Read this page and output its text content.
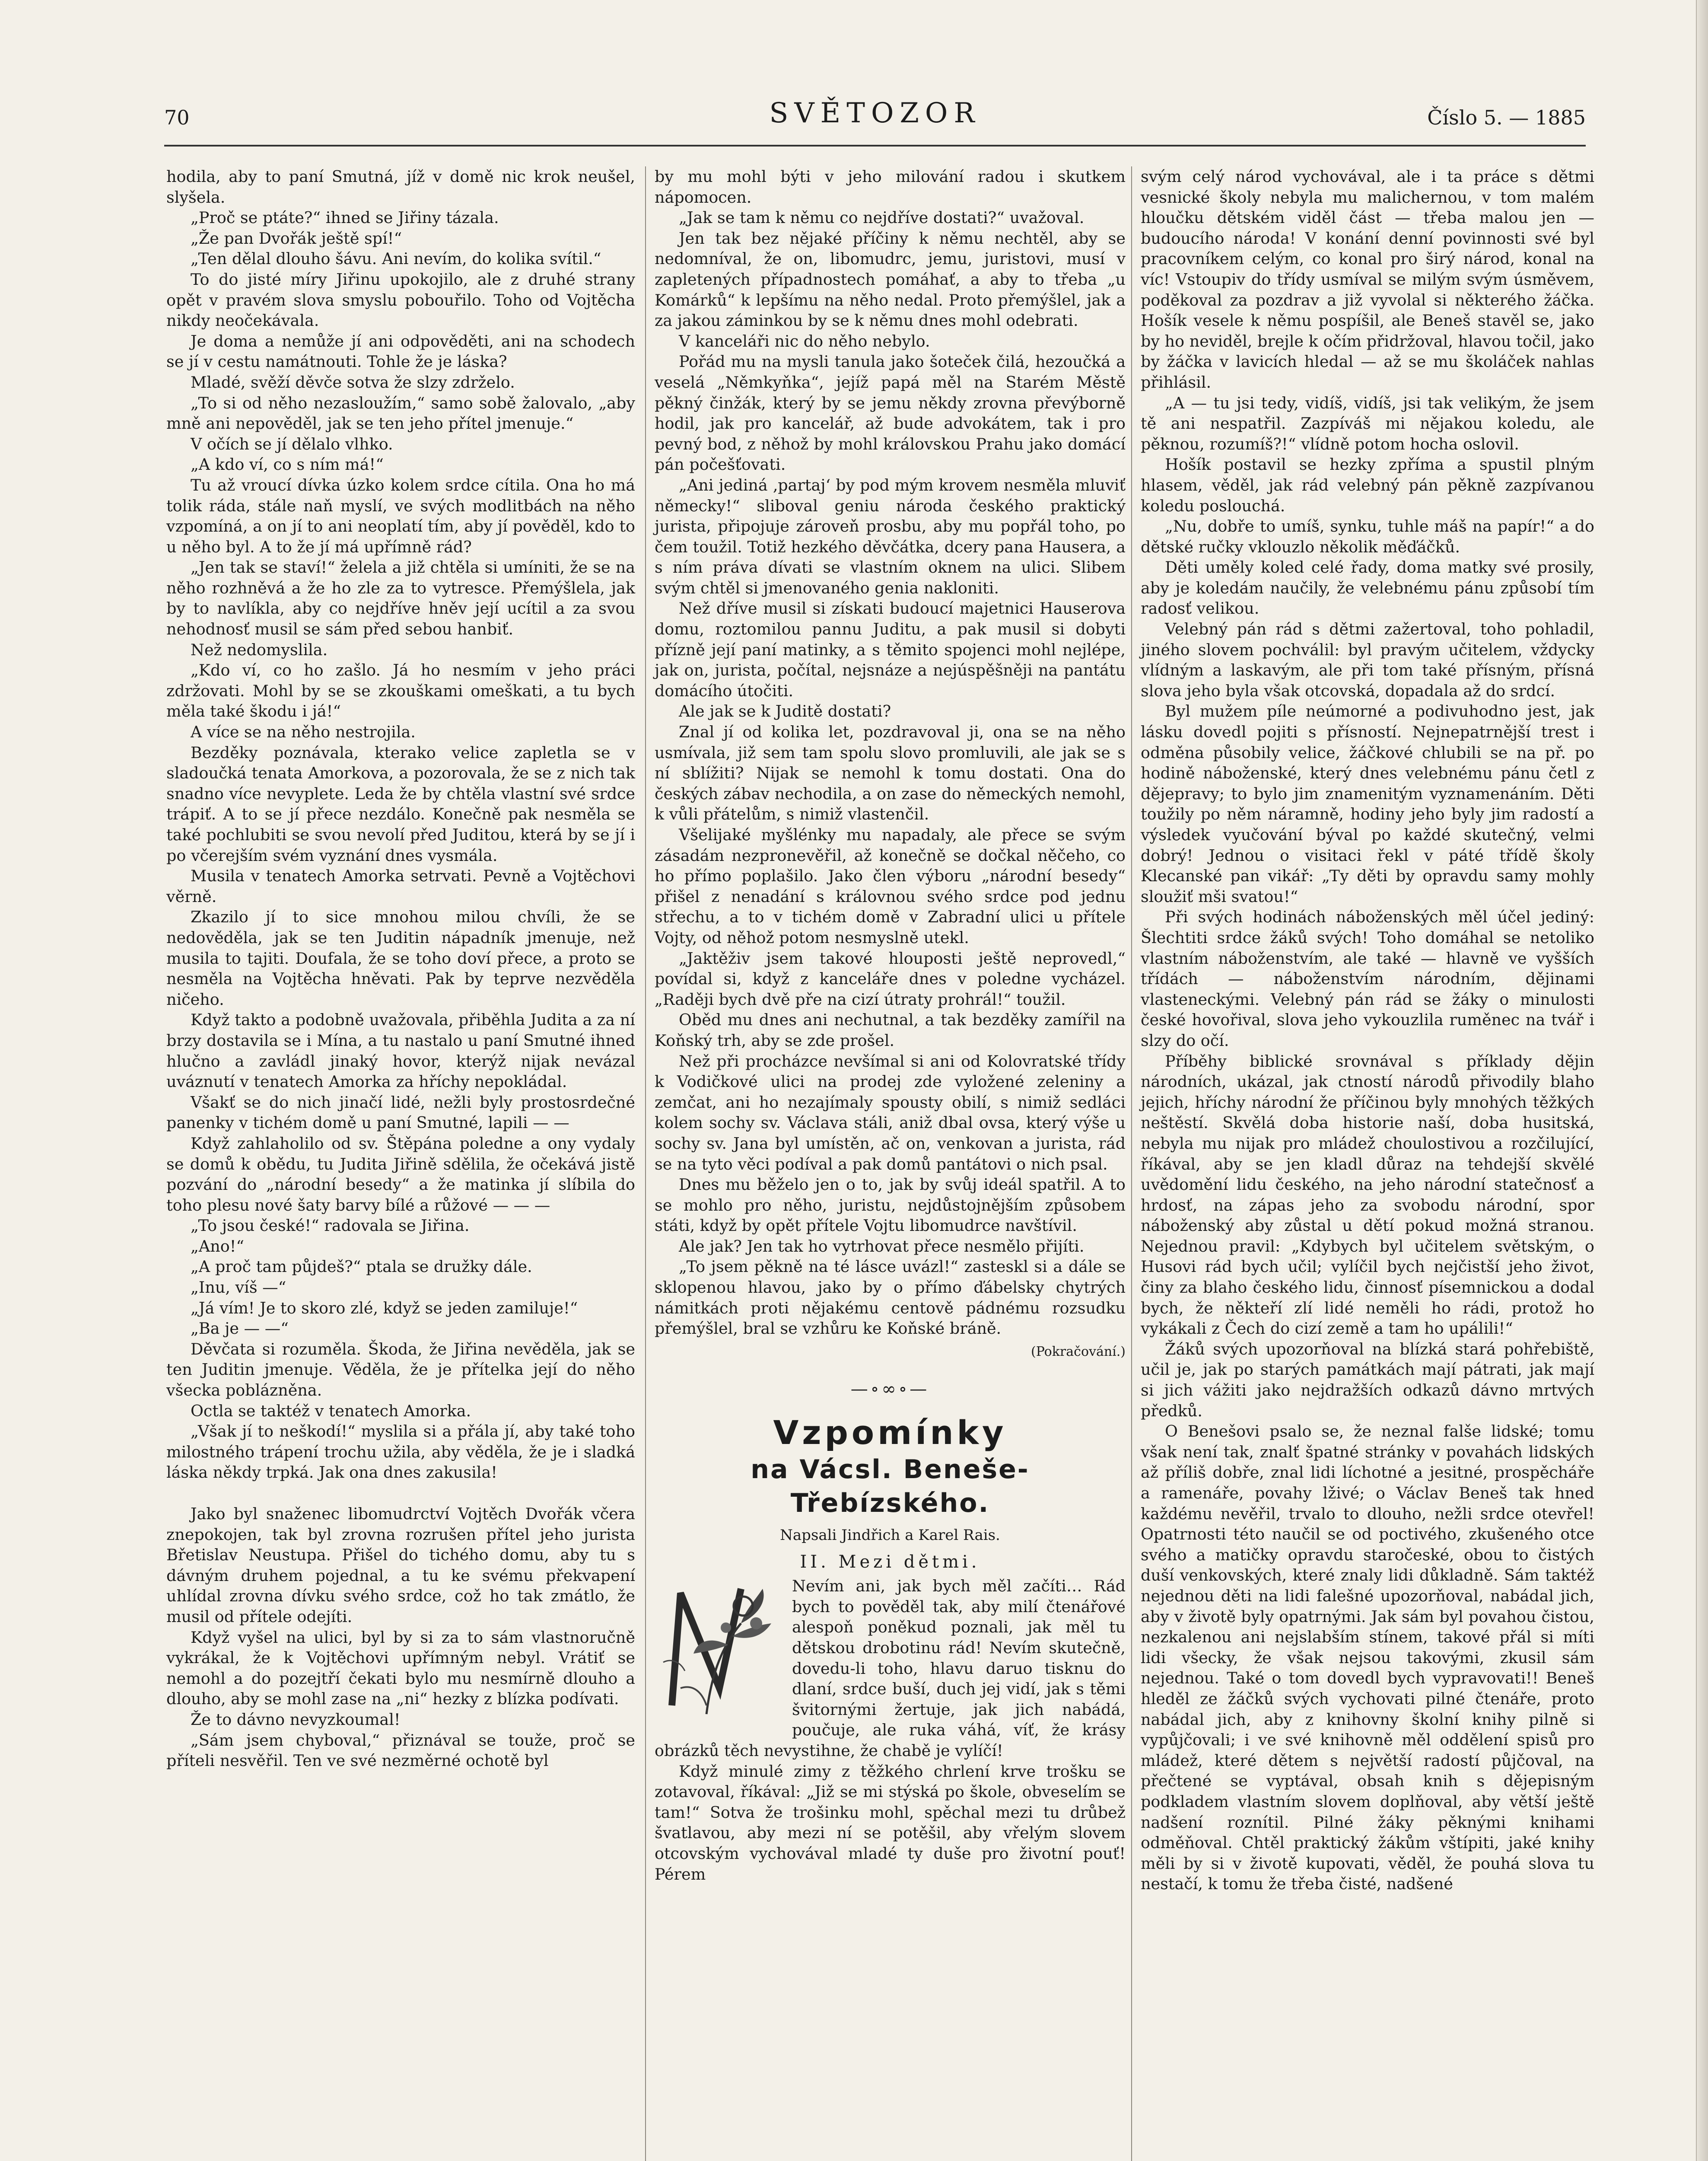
70	SVĚTOZOR	Číslo 5. — 1885

hodila, aby to paní Smutná, jíž v domě nic krok neušel, slyšela.

„Proč se ptáte?“ ihned se Jiřiny tázala.

„Že pan Dvořák ještě spí!“

„Ten dělal dlouho šávu. Ani nevím, do kolika svítil.“

To do jisté míry Jiřinu upokojilo, ale z druhé strany opět v pravém slova smyslu pobouřilo. Toho od Vojtěcha nikdy neočekávala.

Je doma a nemůže jí ani odpověděti, ani na schodech se jí v cestu namátnouti. Tohle že je láska?

Mladé, svěží děvče sotva že slzy zdrželo.

„To si od něho nezasloužím,“ samo sobě žalovalo, „aby mně ani nepověděl, jak se ten jeho přítel jmenuje.“

V očích se jí dělalo vlhko.

„A kdo ví, co s ním má!“

Tu až vroucí dívka úzko kolem srdce cítila. Ona ho má tolik ráda, stále naň myslí, ve svých modlitbách na něho vzpomíná, a on jí to ani neoplatí tím, aby jí pověděl, kdo to u něho byl. A to že jí má upřímně rád?

„Jen tak se staví!“ želela a již chtěla si umíniti, že se na něho rozhněvá a že ho zle za to vytresce. Přemýšlela, jak by to navlíkla, aby co nejdříve hněv její ucítil a za svou nehodnosť musil se sám před sebou hanbiť.

Než nedomyslila.

„Kdo ví, co ho zašlo. Já ho nesmím v jeho práci zdržovati. Mohl by se se zkouškami omeškati, a tu bych měla také škodu i já!“

A více se na něho nestrojila.

Bezděky poznávala, kterako velice zapletla se v sladoučká tenata Amorkova, a pozorovala, že se z nich tak snadno více nevyplete. Leda že by chtěla vlastní své srdce trápiť. A to se jí přece nezdálo. Konečně pak nesměla se také pochlubiti se svou nevolí před Juditou, která by se jí i po včerejším svém vyznání dnes vysmála.

Musila v tenatech Amorka setrvati. Pevně a Vojtěchovi věrně.

Zkazilo jí to sice mnohou milou chvíli, že se nedověděla, jak se ten Juditin nápadník jmenuje, než musila to tajiti. Doufala, že se toho doví přece, a proto se nesměla na Vojtěcha hněvati. Pak by teprve nezvěděla ničeho.

Když takto a podobně uvažovala, přiběhla Judita a za ní brzy dostavila se i Mína, a tu nastalo u paní Smutné ihned hlučno a zavládl jinaký hovor, kterýž nijak nevázal uváznutí v tenatech Amorka za hříchy nepokládal.

Všakť se do nich jinačí lidé, nežli byly prostosrdečné panenky v tichém domě u paní Smutné, lapili — —

Když zahlaholilo od sv. Štěpána poledne a ony vydaly se domů k obědu, tu Judita Jiřině sdělila, že očekává jistě pozvání do „národní besedy“ a že matinka jí slíbila do toho plesu nové šaty barvy bílé a růžové — — —

„To jsou české!“ radovala se Jiřina.

„Ano!“

„A proč tam půjdeš?“ ptala se družky dále.

„Inu, víš —“

„Já vím! Je to skoro zlé, když se jeden zamiluje!“

„Ba je — —“

Děvčata si rozuměla. Škoda, že Jiřina nevěděla, jak se ten Juditin jmenuje. Věděla, že je přítelka její do něho všecka poblázněna.

Octla se taktéž v tenatech Amorka.

„Však jí to neškodí!“ myslila si a přála jí, aby také toho milostného trápení trochu užila, aby věděla, že je i sladká láska někdy trpká. Jak ona dnes zakusila!

Jako byl snaženec libomudrctví Vojtěch Dvořák včera znepokojen, tak byl zrovna rozrušen přítel jeho jurista Břetislav Neustupa. Přišel do tichého domu, aby tu s dávným druhem pojednal, a tu ke svému překvapení uhlídal zrovna dívku svého srdce, což ho tak zmátlo, že musil od přítele odejíti.

Když vyšel na ulici, byl by si za to sám vlastnoručně vykrákal, že k Vojtěchovi upřímným nebyl. Vrátiť se nemohl a do pozejtří čekati bylo mu nesmírně dlouho a dlouho, aby se mohl zase na „ni“ hezky z blízka podívati.

Že to dávno nevyzkoumal!

„Sám jsem chyboval,“ přiznával se touže, proč se příteli nesvěřil. Ten ve své nezměrné ochotě byl

by mu mohl býti v jeho milování radou i skutkem nápomocen.

„Jak se tam k němu co nejdříve dostati?“ uvažoval.

Jen tak bez nějaké příčiny k němu nechtěl, aby se nedomníval, že on, libomudrc, jemu, juristovi, musí v zapletených případnostech pomáhať, a aby to třeba „u Komárků“ k lepšímu na něho nedal. Proto přemýšlel, jak a za jakou záminkou by se k němu dnes mohl odebrati.

V kanceláři nic do něho nebylo.

Pořád mu na mysli tanula jako šoteček čilá, hezoučká a veselá „Němkyňka“, jejíž papá měl na Starém Městě pěkný činžák, který by se jemu někdy zrovna převýborně hodil, jak pro kancelář, až bude advokátem, tak i pro pevný bod, z něhož by mohl královskou Prahu jako domácí pán počešťovati.

„Ani jediná ‚partaj‘ by pod mým krovem nesměla mluviť německy!“ sliboval geniu národa českého praktický jurista, připojuje zároveň prosbu, aby mu popřál toho, po čem toužil. Totiž hezkého děvčátka, dcery pana Hausera, a s ním práva dívati se vlastním oknem na ulici. Slibem svým chtěl si jmenovaného genia nakloniti.

Než dříve musil si získati budoucí majetnici Hauserova domu, roztomilou pannu Juditu, a pak musil si dobyti přízně její paní matinky, a s těmito spojenci mohl nejlépe, jak on, jurista, počítal, nejsnáze a nejúspěšněji na pantátu domácího útočiti.

Ale jak se k Juditě dostati?

Znal jí od kolika let, pozdravoval ji, ona se na něho usmívala, již sem tam spolu slovo promluvili, ale jak se s ní sblížiti? Nijak se nemohl k tomu dostati. Ona do českých zábav nechodila, a on zase do německých nemohl, k vůli přátelům, s nimiž vlastenčil.

Všelijaké myšlénky mu napadaly, ale přece se svým zásadám nezpronevěřil, až konečně se dočkal něčeho, co ho přímo poplašilo. Jako člen výboru „národní besedy“ přišel z nenadání s královnou svého srdce pod jednu střechu, a to v tichém domě v Zabradní ulici u přítele Vojty, od něhož potom nesmyslně utekl.

„Jaktěživ jsem takové hlouposti ještě neprovedl,“ povídal si, když z kanceláře dnes v poledne vycházel. „Raději bych dvě pře na cizí útraty prohrál!“ toužil.

Oběd mu dnes ani nechutnal, a tak bezděky zamířil na Koňský trh, aby se zde prošel.

Než při procházce nevšímal si ani od Kolovratské třídy k Vodičkové ulici na prodej zde vyložené zeleniny a zemčat, ani ho nezajímaly spousty obilí, s nimiž sedláci kolem sochy sv. Václava stáli, aniž dbal ovsa, který výše u sochy sv. Jana byl umístěn, ač on, venkovan a jurista, rád se na tyto věci podíval a pak domů pantátovi o nich psal.

Dnes mu běželo jen o to, jak by svůj ideál spatřil. A to se mohlo pro něho, juristu, nejdůstojnějším způsobem státi, když by opět přítele Vojtu libomudrce navštívil.

Ale jak? Jen tak ho vytrhovat přece nesmělo přijíti.

„To jsem pěkně na té lásce uvázl!“ zasteskl si a dále se sklopenou hlavou, jako by o přímo ďábelsky chytrých námitkách proti nějakému centově pádnému rozsudku přemýšlel, bral se vzhůru ke Koňské bráně.

(Pokračování.)
—∘∞∘—
Vzpomínky
na Vácsl. Beneše-Třebízského.
Napsali Jindřich a Karel Rais.
II. Mezi dětmi.

Nevím ani, jak bych měl začíti… Rád bych to pověděl tak, aby milí čtenářové alespoň poněkud poznali, jak měl tu dětskou drobotinu rád! Nevím skutečně, dovedu-li toho, hlavu daruo tisknu do dlaní, srdce buší, duch jej vidí, jak s těmi švitornými žertuje, jak jich nabádá, poučuje, ale ruka váhá, víť, že krásy obrázků těch nevystihne, že chabě je vylíčí!

Když minulé zimy z těžkého chrlení krve trošku se zotavoval, říkával: „Již se mi stýská po škole, obveselím se tam!“ Sotva že trošinku mohl, spěchal mezi tu drůbež švatlavou, aby mezi ní se potěšil, aby vřelým slovem otcovským vychovával mladé ty duše pro životní pouť! Pérem

svým celý národ vychovával, ale i ta práce s dětmi vesnické školy nebyla mu malichernou, v tom malém hloučku dětském viděl část — třeba malou jen — budoucího národa! V konání denní povinnosti své byl pracovníkem celým, co konal pro širý národ, konal na víc! Vstoupiv do třídy usmíval se milým svým úsměvem, poděkoval za pozdrav a již vyvolal si některého žáčka. Hošík vesele k němu pospíšil, ale Beneš stavěl se, jako by ho neviděl, brejle k očím přidržoval, hlavou točil, jako by žáčka v lavicích hledal — až se mu školáček nahlas přihlásil.

„A — tu jsi tedy, vidíš, vidíš, jsi tak velikým, že jsem tě ani nespatřil. Zazpíváš mi nějakou koledu, ale pěknou, rozumíš?!“ vlídně potom hocha oslovil.

Hošík postavil se hezky zpříma a spustil plným hlasem, věděl, jak rád velebný pán pěkně zazpívanou koledu poslouchá.

„Nu, dobře to umíš, synku, tuhle máš na papír!“ a do dětské ručky vklouzlo několik měďáčků.

Děti uměly koled celé řady, doma matky své prosily, aby je koledám naučily, že velebnému pánu způsobí tím radosť velikou.

Velebný pán rád s dětmi zažertoval, toho pohladil, jiného slovem pochválil: byl pravým učitelem, vždycky vlídným a laskavým, ale při tom také přísným, přísná slova jeho byla však otcovská, dopadala až do srdcí.

Byl mužem píle neúmorné a podivuhodno jest, jak lásku dovedl pojiti s přísností. Nejnepatrnější trest i odměna působily velice, žáčkové chlubili se na př. po hodině náboženské, který dnes velebnému pánu četl z dějepravy; to bylo jim znamenitým vyznamenáním. Děti toužily po něm náramně, hodiny jeho byly jim radostí a výsledek vyučování býval po každé skutečný, velmi dobrý! Jednou o visitaci řekl v páté třídě školy Klecanské pan vikář: „Ty děti by opravdu samy mohly sloužiť mši svatou!“

Při svých hodinách náboženských měl účel jediný: Šlechtiti srdce žáků svých! Toho domáhal se netoliko vlastním náboženstvím, ale také — hlavně ve vyšších třídách — náboženstvím národním, dějinami vlasteneckými. Velebný pán rád se žáky o minulosti české hovořival, slova jeho vykouzlila ruměnec na tvář i slzy do očí.

Příběhy biblické srovnával s příklady dějin národních, ukázal, jak ctností národů přivodily blaho jejich, hříchy národní že příčinou byly mnohých těžkých neštěstí. Skvělá doba historie naší, doba husitská, nebyla mu nijak pro mládež choulostivou a rozčilující, říkával, aby se jen kladl důraz na tehdejší skvělé uvědomění lidu českého, na jeho národní statečnosť a hrdosť, na zápas jeho za svobodu národní, spor náboženský aby zůstal u dětí pokud možná stranou. Nejednou pravil: „Kdybych byl učitelem světským, o Husovi rád bych učil; vylíčil bych nejčistší jeho život, činy za blaho českého lidu, činnosť písemnickou a dodal bych, že někteří zlí lidé neměli ho rádi, protož ho vykákali z Čech do cizí země a tam ho upálili!“

Žáků svých upozorňoval na blízká stará pohřebiště, učil je, jak po starých památkách mají pátrati, jak mají si jich vážiti jako nejdražších odkazů dávno mrtvých předků.

O Benešovi psalo se, že neznal falše lidské; tomu však není tak, znalť špatné stránky v povahách lidských až příliš dobře, znal lidi líchotné a jesitné, prospěcháře a ramenáře, povahy lživé; o Václav Beneš tak hned každému nevěřil, trvalo to dlouho, nežli srdce otevřel! Opatrnosti této naučil se od poctivého, zkušeného otce svého a matičky opravdu staročeské, obou to čistých duší venkovských, které znaly lidi důkladně. Sám taktéž nejednou děti na lidi falešné upozorňoval, nabádal jich, aby v životě byly opatrnými. Jak sám byl povahou čistou, nezkalenou ani nejslabším stínem, takové přál si míti lidi všecky, že však nejsou takovými, zkusil sám nejednou. Také o tom dovedl bych vypravovati!! Beneš hleděl ze žáčků svých vychovati pilné čtenáře, proto nabádal jich, aby z knihovny školní knihy pilně si vypůjčovali; i ve své knihovně měl oddělení spisů pro mládež, které dětem s největší radostí půjčoval, na přečtené se vyptával, obsah knih s dějepisným podkladem vlastním slovem doplňoval, aby větší ještě nadšení roznítil. Pilné žáky pěknými knihami odměňoval. Chtěl praktický žákům vštípiti, jaké knihy měli by si v životě kupovati, věděl, že pouhá slova tu nestačí, k tomu že třeba čisté, nadšené
